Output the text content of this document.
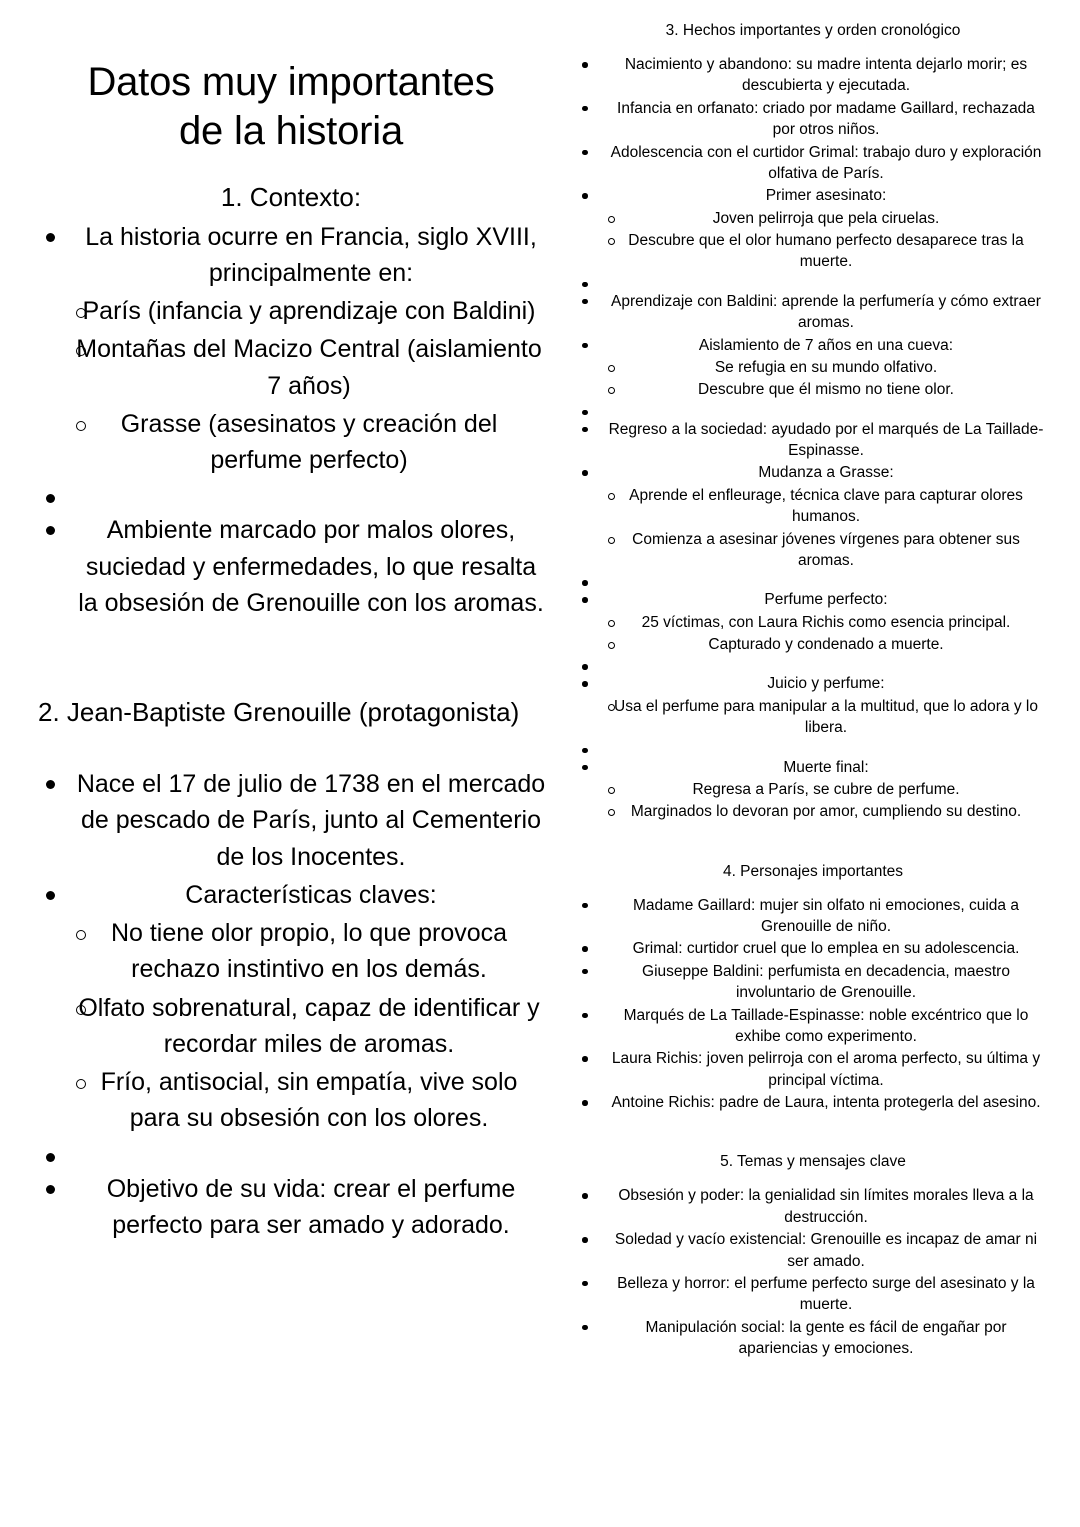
Datos muy importantes
de la historia
1. Contexto:
La historia ocurre en Francia, siglo XVIII, principalmente en:
París (infancia y aprendizaje con Baldini)
Montañas del Macizo Central (aislamiento 7 años)
Grasse (asesinatos y creación del perfume perfecto)
Ambiente marcado por malos olores, suciedad y enfermedades, lo que resalta la obsesión de Grenouille con los aromas.
2. Jean-Baptiste Grenouille (protagonista)
Nace el 17 de julio de 1738 en el mercado de pescado de París, junto al Cementerio de los Inocentes.
Características claves:
No tiene olor propio, lo que provoca rechazo instintivo en los demás.
Olfato sobrenatural, capaz de identificar y recordar miles de aromas.
Frío, antisocial, sin empatía, vive solo para su obsesión con los olores.
Objetivo de su vida: crear el perfume perfecto para ser amado y adorado.
3. Hechos importantes y orden cronológico
Nacimiento y abandono: su madre intenta dejarlo morir; es descubierta y ejecutada.
Infancia en orfanato: criado por madame Gaillard, rechazada por otros niños.
Adolescencia con el curtidor Grimal: trabajo duro y exploración olfativa de París.
Primer asesinato:
Joven pelirroja que pela ciruelas.
Descubre que el olor humano perfecto desaparece tras la muerte.
Aprendizaje con Baldini: aprende la perfumería y cómo extraer aromas.
Aislamiento de 7 años en una cueva:
Se refugia en su mundo olfativo.
Descubre que él mismo no tiene olor.
Regreso a la sociedad: ayudado por el marqués de La Taillade-Espinasse.
Mudanza a Grasse:
Aprende el enfleurage, técnica clave para capturar olores humanos.
Comienza a asesinar jóvenes vírgenes para obtener sus aromas.
Perfume perfecto:
25 víctimas, con Laura Richis como esencia principal.
Capturado y condenado a muerte.
Juicio y perfume:
Usa el perfume para manipular a la multitud, que lo adora y lo libera.
Muerte final:
Regresa a París, se cubre de perfume.
Marginados lo devoran por amor, cumpliendo su destino.
4. Personajes importantes
Madame Gaillard: mujer sin olfato ni emociones, cuida a Grenouille de niño.
Grimal: curtidor cruel que lo emplea en su adolescencia.
Giuseppe Baldini: perfumista en decadencia, maestro involuntario de Grenouille.
Marqués de La Taillade-Espinasse: noble excéntrico que lo exhibe como experimento.
Laura Richis: joven pelirroja con el aroma perfecto, su última y principal víctima.
Antoine Richis: padre de Laura, intenta protegerla del asesino.
5. Temas y mensajes clave
Obsesión y poder: la genialidad sin límites morales lleva a la destrucción.
Soledad y vacío existencial: Grenouille es incapaz de amar ni ser amado.
Belleza y horror: el perfume perfecto surge del asesinato y la muerte.
Manipulación social: la gente es fácil de engañar por apariencias y emociones.
